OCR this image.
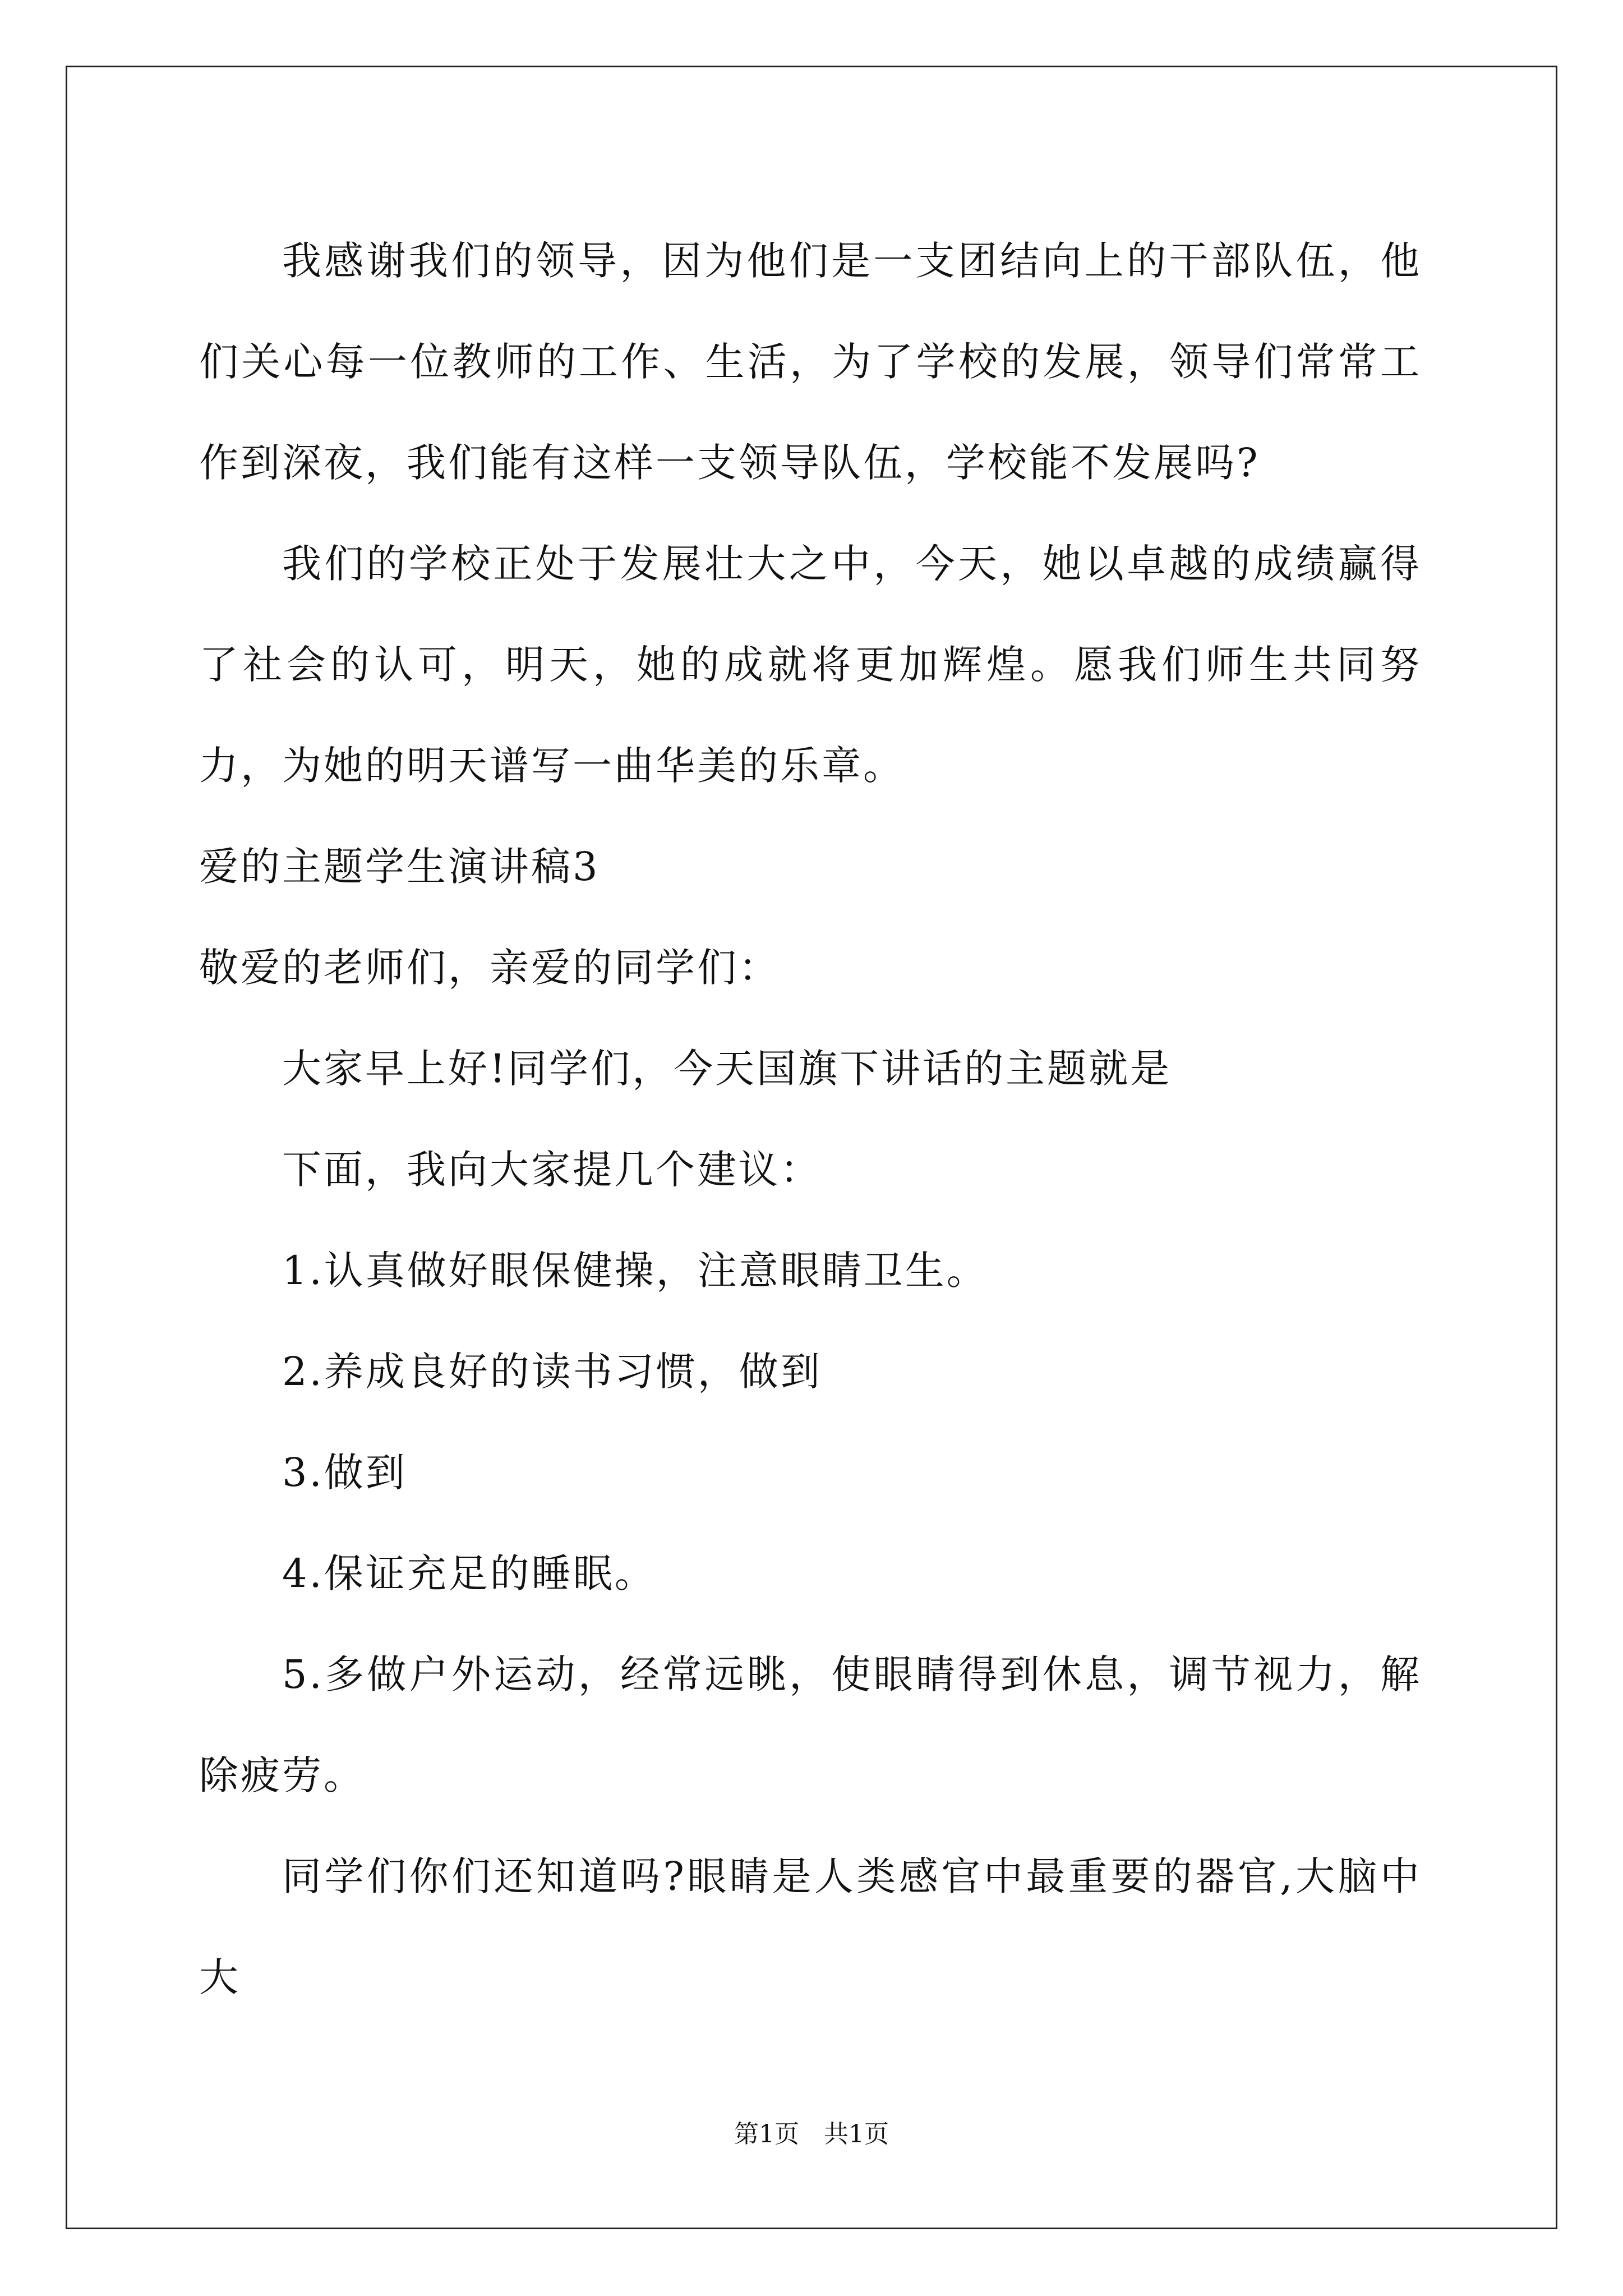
我感谢我们的领导，因为他们是一支团结向上的干部队伍，他们关心每一位教师的工作、生活，为了学校的发展，领导们常常工作到深夜，我们能有这样一支领导队伍，学校能不发展吗?

我们的学校正处于发展壮大之中，今天，她以卓越的成绩赢得了社会的认可，明天，她的成就将更加辉煌。愿我们师生共同努力，为她的明天谱写一曲华美的乐章。

爱的主题学生演讲稿3

敬爱的老师们，亲爱的同学们：

大家早上好!同学们，今天国旗下讲话的主题就是

下面，我向大家提几个建议：

1.认真做好眼保健操，注意眼睛卫生。

2.养成良好的读书习惯，做到

3.做到

4.保证充足的睡眠。

5.多做户外运动，经常远眺，使眼睛得到休息，调节视力，解除疲劳。

同学们你们还知道吗?眼睛是人类感官中最重要的器官,大脑中大

第1页 共1页
